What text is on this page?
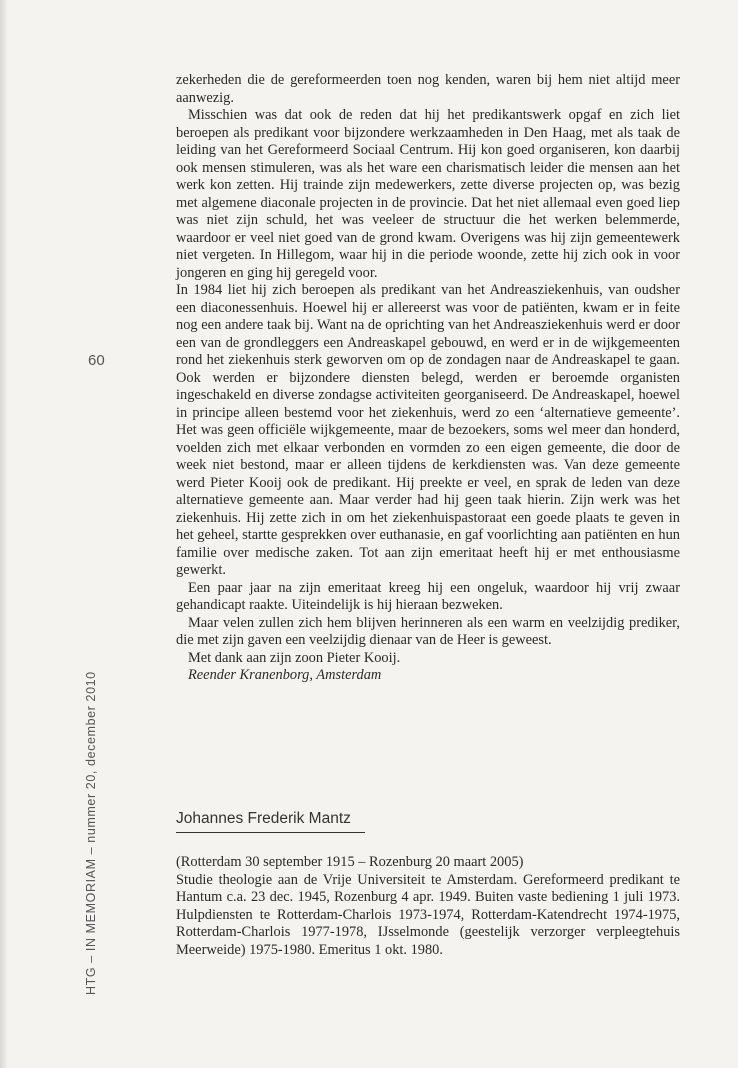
60
HTG – IN MEMORIAM – nummer 20, december 2010

zekerheden die de gereformeerden toen nog kenden, waren bij hem niet altijd meer aanwezig.

Misschien was dat ook de reden dat hij het predikantswerk opgaf en zich liet beroepen als predikant voor bijzondere werkzaamheden in Den Haag, met als taak de leiding van het Gereformeerd Sociaal Centrum. Hij kon goed organiseren, kon daarbij ook mensen stimuleren, was als het ware een charismatisch leider die mensen aan het werk kon zetten. Hij trainde zijn medewerkers, zette diverse projecten op, was bezig met algemene diaconale projecten in de provincie. Dat het niet allemaal even goed liep was niet zijn schuld, het was veeleer de structuur die het werken belemmerde, waardoor er veel niet goed van de grond kwam. Overigens was hij zijn gemeentewerk niet vergeten. In Hillegom, waar hij in die periode woonde, zette hij zich ook in voor jongeren en ging hij geregeld voor.

In 1984 liet hij zich beroepen als predikant van het Andreasziekenhuis, van oudsher een diaconessenhuis. Hoewel hij er allereerst was voor de patiënten, kwam er in feite nog een andere taak bij. Want na de oprichting van het Andreasziekenhuis werd er door een van de grondleggers een Andreaskapel gebouwd, en werd er in de wijkgemeenten rond het ziekenhuis sterk geworven om op de zondagen naar de Andreaskapel te gaan. Ook werden er bijzondere diensten belegd, werden er beroemde organisten ingeschakeld en diverse zondagse activiteiten georganiseerd. De Andreaskapel, hoewel in principe alleen bestemd voor het ziekenhuis, werd zo een ‘alternatieve gemeente’. Het was geen officiële wijkgemeente, maar de bezoekers, soms wel meer dan honderd, voelden zich met elkaar verbonden en vormden zo een eigen gemeente, die door de week niet bestond, maar er alleen tijdens de kerkdiensten was. Van deze gemeente werd Pieter Kooij ook de predikant. Hij preekte er veel, en sprak de leden van deze alternatieve gemeente aan. Maar verder had hij geen taak hierin. Zijn werk was het ziekenhuis. Hij zette zich in om het ziekenhuispastoraat een goede plaats te geven in het geheel, startte gesprekken over euthanasie, en gaf voorlichting aan patiënten en hun familie over medische zaken. Tot aan zijn emeritaat heeft hij er met enthousiasme gewerkt.

Een paar jaar na zijn emeritaat kreeg hij een ongeluk, waardoor hij vrij zwaar gehandicapt raakte. Uiteindelijk is hij hieraan bezweken.

Maar velen zullen zich hem blijven herinneren als een warm en veelzijdig prediker, die met zijn gaven een veelzijdig dienaar van de Heer is geweest.

Met dank aan zijn zoon Pieter Kooij.

Reender Kranenborg, Amsterdam

Johannes Frederik Mantz

(Rotterdam 30 september 1915 – Rozenburg 20 maart 2005)

Studie theologie aan de Vrije Universiteit te Amsterdam. Gereformeerd predikant te Hantum c.a. 23 dec. 1945, Rozenburg 4 apr. 1949. Buiten vaste bediening 1 juli 1973. Hulpdiensten te Rotterdam-Charlois 1973-1974, Rotterdam-Katendrecht 1974-1975, Rotterdam-Charlois 1977-1978, IJsselmonde (geestelijk verzorger verpleegtehuis Meerweide) 1975-1980. Emeritus 1 okt. 1980.
